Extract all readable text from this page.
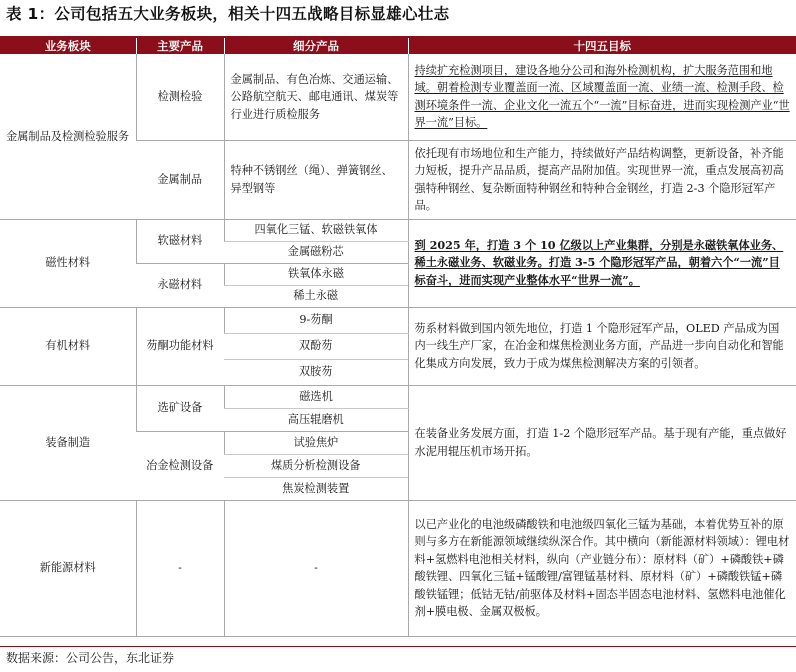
表 1：公司包括五大业务板块，相关十四五战略目标显雄心壮志
业务板块	主要产品	细分产品	十四五目标
金属制品及检测检验服务	检测检验	金属制品、有色冶炼、交通运输、公路航空航天、邮电通讯、煤炭等行业进行质检服务	持续扩充检测项目，建设各地分公司和海外检测机构，扩大服务范围和地域。朝着检测专业覆盖面一流、区域覆盖面一流、业绩一流、检测手段、检测环境条件一流、企业文化一流五个“一流”目标奋进，进而实现检测产业“世界一流”目标。
	金属制品	特种不锈钢丝（绳）、弹簧钢丝、异型钢等	依托现有市场地位和生产能力，持续做好产品结构调整，更新设备，补齐能力短板，提升产品品质，提高产品附加值。实现世界一流，重点发展高初高强特种钢丝、复杂断面特种钢丝和特种合金钢丝，打造 2-3 个隐形冠军产品。
磁性材料	软磁材料	四氧化三锰、软磁铁氧体	到 2025 年，打造 3 个 10 亿级以上产业集群，分别是永磁铁氧体业务、稀土永磁业务、软磁业务。打造 3-5 个隐形冠军产品，朝着六个“一流”目标奋斗，进而实现产业整体水平“世界一流”。
		金属磁粉芯	
	永磁材料	铁氧体永磁	
		稀土永磁	
有机材料	芴酮功能材料	9-芴酮	芴系材料做到国内领先地位，打造 1 个隐形冠军产品，OLED 产品成为国内一线生产厂家，在冶金和煤焦检测业务方面，产品进一步向自动化和智能化集成方向发展，致力于成为煤焦检测解决方案的引领者。
		双酚芴	
		双胺芴	
装备制造	选矿设备	磁选机	在装备业务发展方面，打造 1-2 个隐形冠军产品。基于现有产能，重点做好水泥用辊压机市场开拓。
		高压辊磨机	
	冶金检测设备	试验焦炉	
		煤质分析检测设备	
		焦炭检测装置	
新能源材料	-	-	以已产业化的电池级磷酸铁和电池级四氧化三锰为基础，本着优势互补的原则与多方在新能源领域继续纵深合作。其中横向（新能源材料领域）：锂电材料+氢燃料电池相关材料，纵向（产业链分布）：原材料（矿）+磷酸铁+磷酸铁锂、四氧化三锰+锰酸锂/富锂锰基材料、原材料（矿）+磷酸铁锰+磷酸铁锰锂；低钴无钴/前驱体及材料+固态半固态电池材料、氢燃料电池催化剂+膜电极、金属双极板。
数据来源：公司公告，东北证券
